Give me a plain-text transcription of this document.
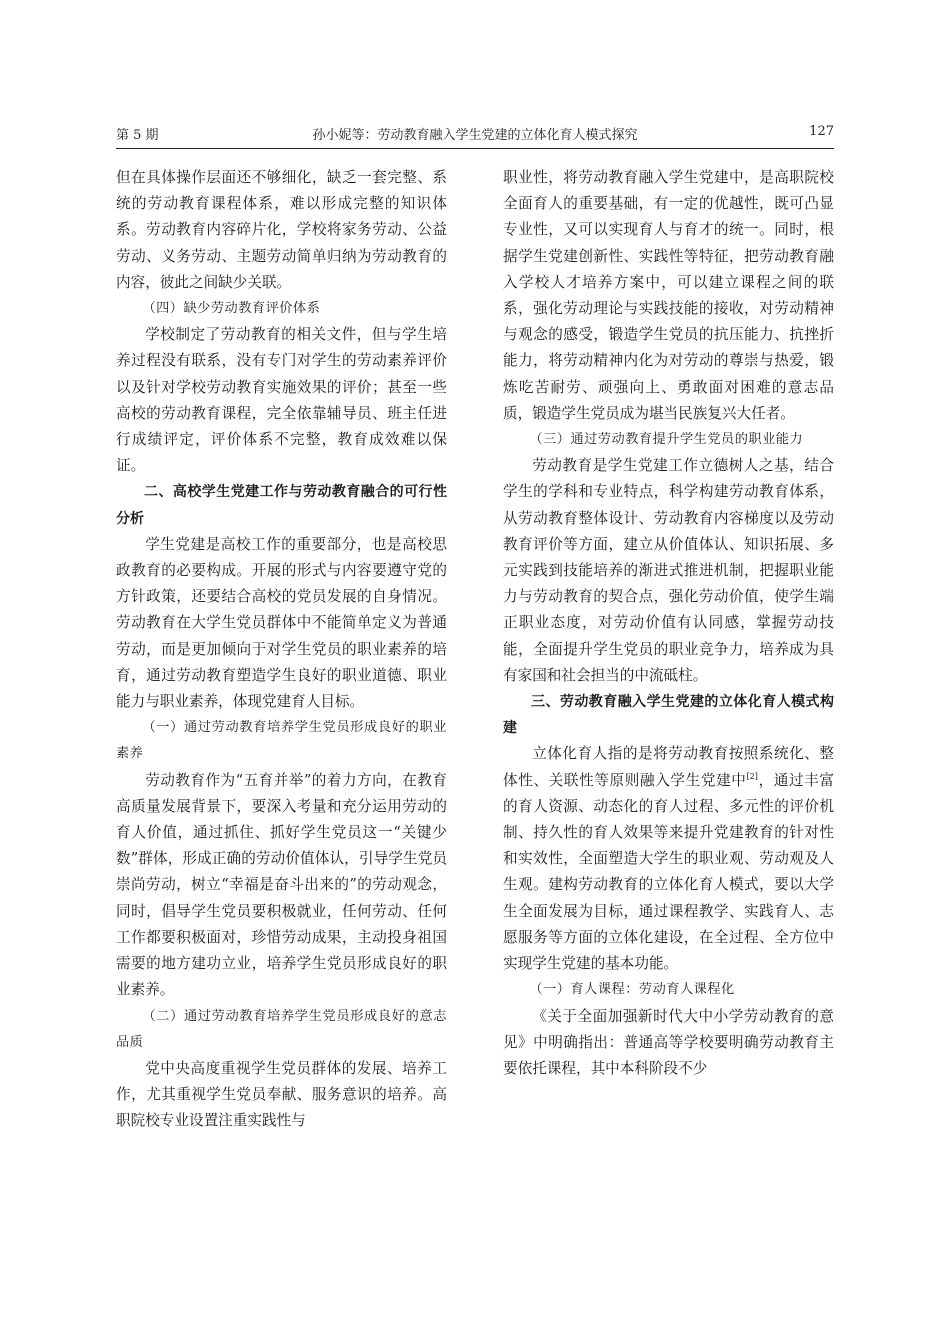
第 5 期	孙小妮等：劳动教育融入学生党建的立体化育人模式探究	127

但在具体操作层面还不够细化，缺乏一套完整、系统的劳动教育课程体系，难以形成完整的知识体系。劳动教育内容碎片化，学校将家务劳动、公益劳动、义务劳动、主题劳动简单归纳为劳动教育的内容，彼此之间缺少关联。

（四）缺少劳动教育评价体系

学校制定了劳动教育的相关文件，但与学生培养过程没有联系，没有专门对学生的劳动素养评价以及针对学校劳动教育实施效果的评价；甚至一些高校的劳动教育课程，完全依靠辅导员、班主任进行成绩评定，评价体系不完整，教育成效难以保证。

二、高校学生党建工作与劳动教育融合的可行性分析

学生党建是高校工作的重要部分，也是高校思政教育的必要构成。开展的形式与内容要遵守党的方针政策，还要结合高校的党员发展的自身情况。劳动教育在大学生党员群体中不能简单定义为普通劳动，而是更加倾向于对学生党员的职业素养的培育，通过劳动教育塑造学生良好的职业道德、职业能力与职业素养，体现党建育人目标。

（一）通过劳动教育培养学生党员形成良好的职业素养

劳动教育作为“五育并举”的着力方向，在教育高质量发展背景下，要深入考量和充分运用劳动的育人价值，通过抓住、抓好学生党员这一“关键少数”群体，形成正确的劳动价值体认，引导学生党员崇尚劳动，树立“幸福是奋斗出来的”的劳动观念，同时，倡导学生党员要积极就业，任何劳动、任何工作都要积极面对，珍惜劳动成果，主动投身祖国需要的地方建功立业，培养学生党员形成良好的职业素养。

（二）通过劳动教育培养学生党员形成良好的意志品质

党中央高度重视学生党员群体的发展、培养工作，尤其重视学生党员奉献、服务意识的培养。高职院校专业设置注重实践性与

职业性，将劳动教育融入学生党建中，是高职院校全面育人的重要基础，有一定的优越性，既可凸显专业性，又可以实现育人与育才的统一。同时，根据学生党建创新性、实践性等特征，把劳动教育融入学校人才培养方案中，可以建立课程之间的联系，强化劳动理论与实践技能的接收，对劳动精神与观念的感受，锻造学生党员的抗压能力、抗挫折能力，将劳动精神内化为对劳动的尊崇与热爱，锻炼吃苦耐劳、顽强向上、勇敢面对困难的意志品质，锻造学生党员成为堪当民族复兴大任者。

（三）通过劳动教育提升学生党员的职业能力

劳动教育是学生党建工作立德树人之基，结合学生的学科和专业特点，科学构建劳动教育体系，从劳动教育整体设计、劳动教育内容梯度以及劳动教育评价等方面，建立从价值体认、知识拓展、多元实践到技能培养的渐进式推进机制，把握职业能力与劳动教育的契合点，强化劳动价值，使学生端正职业态度，对劳动价值有认同感，掌握劳动技能，全面提升学生党员的职业竞争力，培养成为具有家国和社会担当的中流砥柱。

三、劳动教育融入学生党建的立体化育人模式构建

立体化育人指的是将劳动教育按照系统化、整体性、关联性等原则融入学生党建中[2]，通过丰富的育人资源、动态化的育人过程、多元性的评价机制、持久性的育人效果等来提升党建教育的针对性和实效性，全面塑造大学生的职业观、劳动观及人生观。建构劳动教育的立体化育人模式，要以大学生全面发展为目标，通过课程教学、实践育人、志愿服务等方面的立体化建设，在全过程、全方位中实现学生党建的基本功能。

（一）育人课程：劳动育人课程化

《关于全面加强新时代大中小学劳动教育的意见》中明确指出：普通高等学校要明确劳动教育主要依托课程，其中本科阶段不少
